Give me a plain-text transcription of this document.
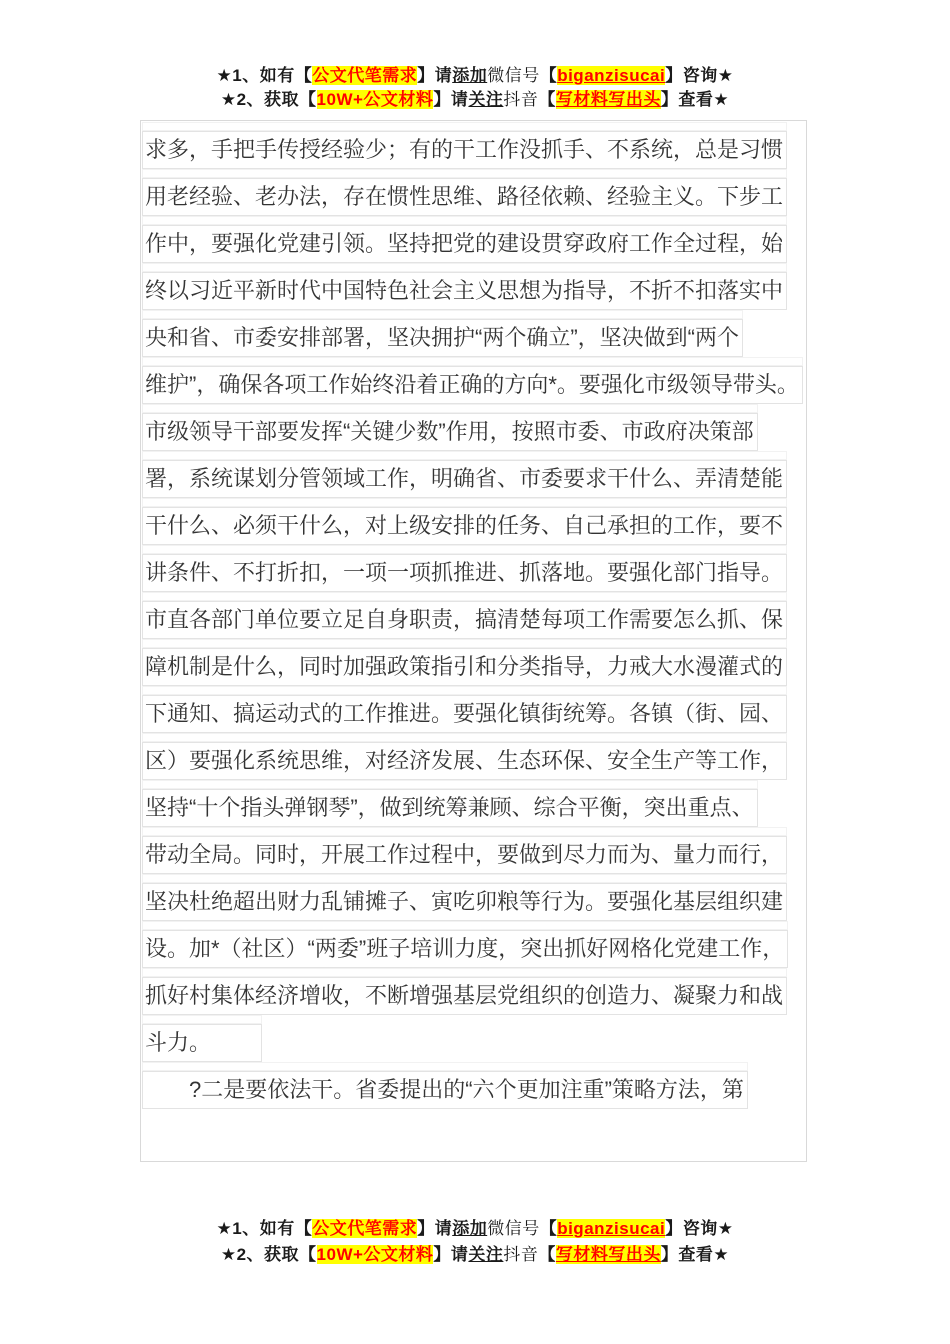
★1、如有【公文代笔需求】请添加微信号【biganzisucai】咨询★
★2、获取【10W+公文材料】请关注抖音【写材料写出头】查看★
求多，手把手传授经验少；有的干工作没抓手、不系统，总是习惯
用老经验、老办法，存在惯性思维、路径依赖、经验主义。下步工
作中，要强化党建引领。坚持把党的建设贯穿政府工作全过程，始
终以习近平新时代中国特色社会主义思想为指导，不折不扣落实中
央和省、市委安排部署，坚决拥护“两个确立”，坚决做到“两个
维护”，确保各项工作始终沿着正确的方向*。要强化市级领导带头。
市级领导干部要发挥“关键少数”作用，按照市委、市政府决策部
署，系统谋划分管领域工作，明确省、市委要求干什么、弄清楚能
干什么、必须干什么，对上级安排的任务、自己承担的工作，要不
讲条件、不打折扣，一项一项抓推进、抓落地。要强化部门指导。
市直各部门单位要立足自身职责，搞清楚每项工作需要怎么抓、保
障机制是什么，同时加强政策指引和分类指导，力戒大水漫灌式的
下通知、搞运动式的工作推进。要强化镇街统筹。各镇（街、园、
区）要强化系统思维，对经济发展、生态环保、安全生产等工作，
坚持“十个指头弹钢琴”，做到统筹兼顾、综合平衡，突出重点、
带动全局。同时，开展工作过程中，要做到尽力而为、量力而行，
坚决杜绝超出财力乱铺摊子、寅吃卯粮等行为。要强化基层组织建
设。加*（社区）“两委”班子培训力度，突出抓好网格化党建工作，
抓好村集体经济增收，不断增强基层党组织的创造力、凝聚力和战
斗力。
?二是要依法干。省委提出的“六个更加注重”策略方法，第
★1、如有【公文代笔需求】请添加微信号【biganzisucai】咨询★
★2、获取【10W+公文材料】请关注抖音【写材料写出头】查看★
